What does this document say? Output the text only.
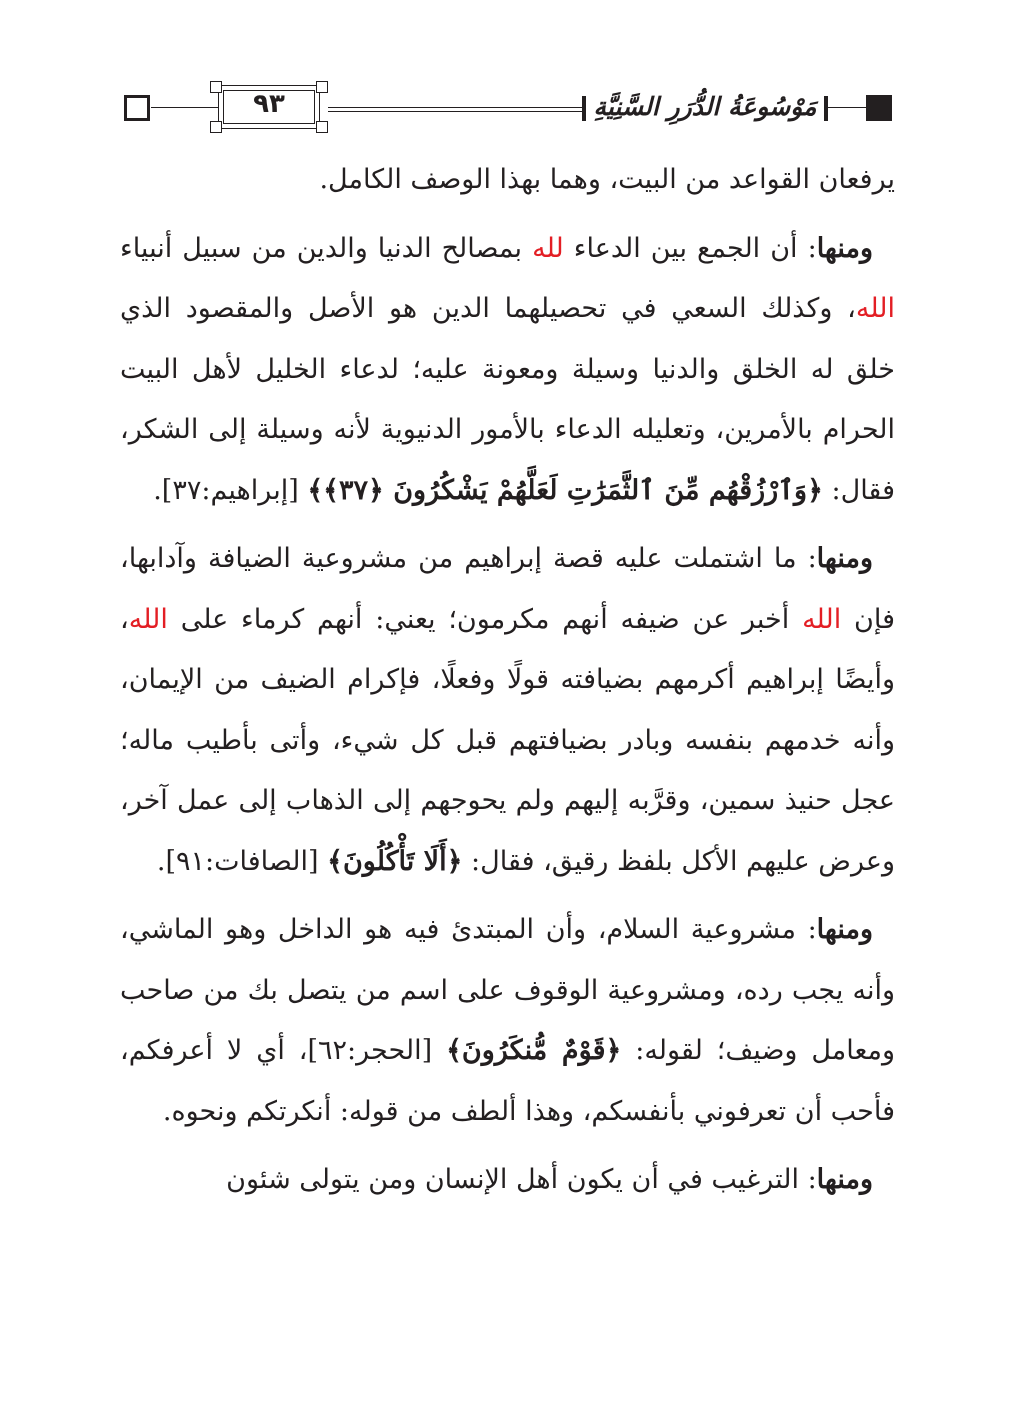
٩٣	مَوْسُوعَةُ الدُّرَرِ السَّنِيَّةِ

يرفعان القواعد من البيت، وهما بهذا الوصف الكامل.

ومنها: أن الجمع بين الدعاء لله بمصالح الدنيا والدين من سبيل أنبياء الله، وكذلك السعي في تحصيلهما الدين هو الأصل والمقصود الذي خلق له الخلق والدنيا وسيلة ومعونة عليه؛ لدعاء الخليل لأهل البيت الحرام بالأمرين، وتعليله الدعاء بالأمور الدنيوية لأنه وسيلة إلى الشكر، فقال: ﴿وَٱرْزُقْهُم مِّنَ ٱلثَّمَرَٰتِ لَعَلَّهُمْ يَشْكُرُونَ ﴿٣٧﴾﴾ [إبراهيم:٣٧].

ومنها: ما اشتملت عليه قصة إبراهيم من مشروعية الضيافة وآدابها، فإن الله أخبر عن ضيفه أنهم مكرمون؛ يعني: أنهم كرماء على الله، وأيضًا إبراهيم أكرمهم بضيافته قولًا وفعلًا، فإكرام الضيف من الإيمان، وأنه خدمهم بنفسه وبادر بضيافتهم قبل كل شيء، وأتى بأطيب ماله؛ عجل حنيذ سمين، وقرَّبه إليهم ولم يحوجهم إلى الذهاب إلى عمل آخر، وعرض عليهم الأكل بلفظ رقيق، فقال: ﴿أَلَا تَأْكُلُونَ﴾ [الصافات:٩١].

ومنها: مشروعية السلام، وأن المبتدئ فيه هو الداخل وهو الماشي، وأنه يجب رده، ومشروعية الوقوف على اسم من يتصل بك من صاحب ومعامل وضيف؛ لقوله: ﴿قَوْمٌ مُّنكَرُونَ﴾ [الحجر:٦٢]، أي لا أعرفكم، فأحب أن تعرفوني بأنفسكم، وهذا ألطف من قوله: أنكرتكم ونحوه.

ومنها: الترغيب في أن يكون أهل الإنسان ومن يتولى شئون
